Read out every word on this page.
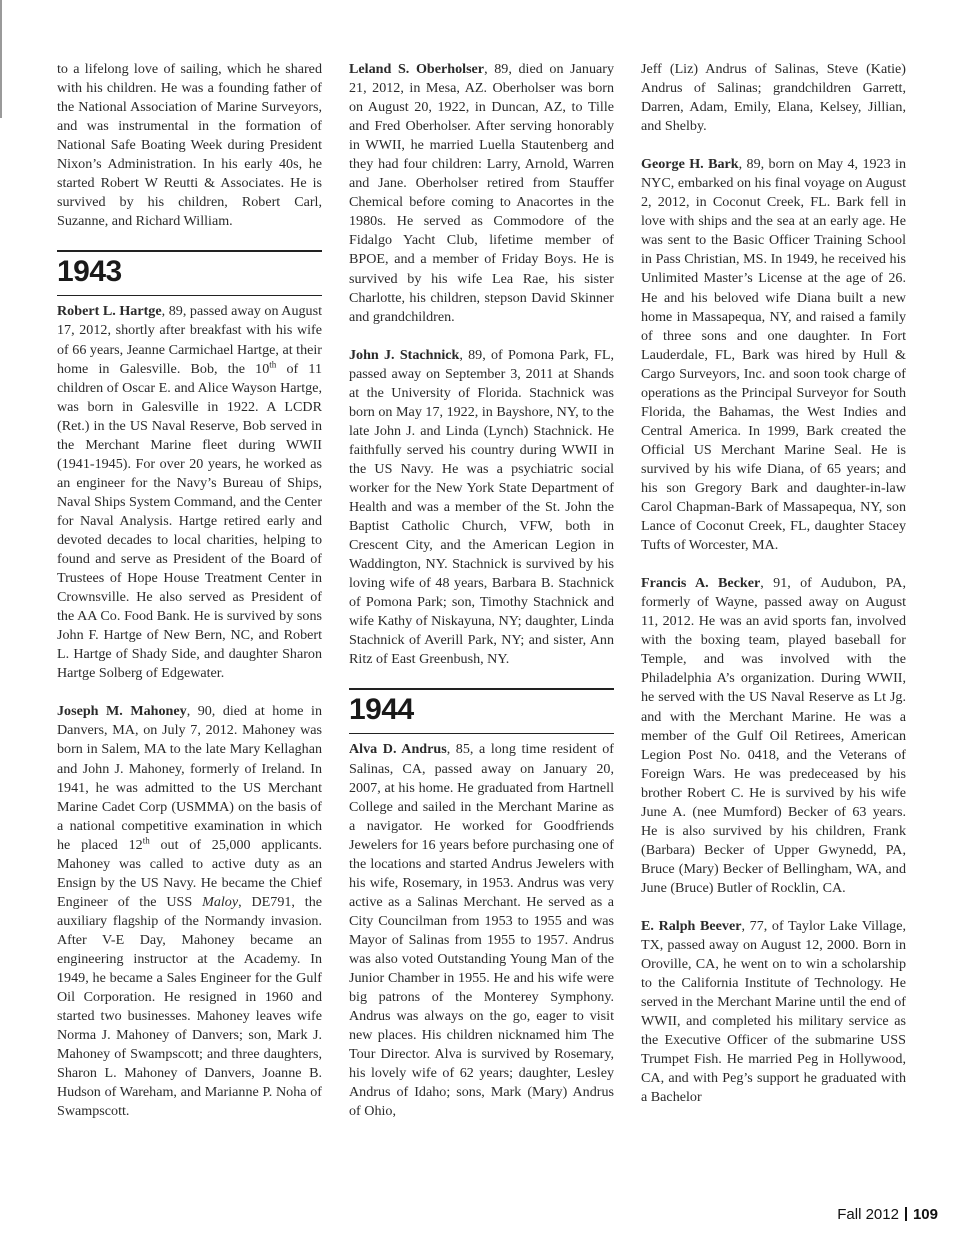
to a lifelong love of sailing, which he shared with his children. He was a founding father of the National Association of Marine Surveyors, and was instrumental in the formation of National Safe Boating Week during President Nixon’s Administration. In his early 40s, he started Robert W Reutti & Associates. He is survived by his children, Robert Carl, Suzanne, and Richard William.

1943

Robert L. Hartge, 89, passed away on August 17, 2012, shortly after breakfast with his wife of 66 years, Jeanne Carmichael Hartge, at their home in Galesville. Bob, the 10th of 11 children of Oscar E. and Alice Wayson Hartge, was born in Galesville in 1922. A LCDR (Ret.) in the US Naval Reserve, Bob served in the Merchant Marine fleet during WWII (1941-1945). For over 20 years, he worked as an engineer for the Navy’s Bureau of Ships, Naval Ships System Command, and the Center for Naval Analysis. Hartge retired early and devoted decades to local charities, helping to found and serve as President of the Board of Trustees of Hope House Treatment Center in Crownsville. He also served as President of the AA Co. Food Bank. He is survived by sons John F. Hartge of New Bern, NC, and Robert L. Hartge of Shady Side, and daughter Sharon Hartge Solberg of Edgewater.

Joseph M. Mahoney, 90, died at home in Danvers, MA, on July 7, 2012. Mahoney was born in Salem, MA to the late Mary Kellaghan and John J. Mahoney, formerly of Ireland. In 1941, he was admitted to the US Merchant Marine Cadet Corp (USMMA) on the basis of a national competitive examination in which he placed 12th out of 25,000 applicants. Mahoney was called to active duty as an Ensign by the US Navy. He became the Chief Engineer of the USS Maloy, DE791, the auxiliary flagship of the Normandy invasion. After V-E Day, Mahoney became an engineering instructor at the Academy. In 1949, he became a Sales Engineer for the Gulf Oil Corporation. He resigned in 1960 and started two businesses. Mahoney leaves wife Norma J. Mahoney of Danvers; son, Mark J. Mahoney of Swampscott; and three daughters, Sharon L. Mahoney of Danvers, Joanne B. Hudson of Wareham, and Marianne P. Noha of Swampscott.

Leland S. Oberholser, 89, died on January 21, 2012, in Mesa, AZ. Oberholser was born on August 20, 1922, in Duncan, AZ, to Tille and Fred Oberholser. After serving honorably in WWII, he married Luella Stautenberg and they had four children: Larry, Arnold, Warren and Jane. Oberholser retired from Stauffer Chemical before coming to Anacortes in the 1980s. He served as Commodore of the Fidalgo Yacht Club, lifetime member of BPOE, and a member of Friday Boys. He is survived by his wife Lea Rae, his sister Charlotte, his children, stepson David Skinner and grandchildren.

John J. Stachnick, 89, of Pomona Park, FL, passed away on September 3, 2011 at Shands at the University of Florida. Stachnick was born on May 17, 1922, in Bayshore, NY, to the late John J. and Linda (Lynch) Stachnick. He faithfully served his country during WWII in the US Navy. He was a psychiatric social worker for the New York State Department of Health and was a member of the St. John the Baptist Catholic Church, VFW, both in Crescent City, and the American Legion in Waddington, NY. Stachnick is survived by his loving wife of 48 years, Barbara B. Stachnick of Pomona Park; son, Timothy Stachnick and wife Kathy of Niskayuna, NY; daughter, Linda Stachnick of Averill Park, NY; and sister, Ann Ritz of East Greenbush, NY.

1944

Alva D. Andrus, 85, a long time resident of Salinas, CA, passed away on January 20, 2007, at his home. He graduated from Hartnell College and sailed in the Merchant Marine as a navigator. He worked for Goodfriends Jewelers for 16 years before purchasing one of the locations and started Andrus Jewelers with his wife, Rosemary, in 1953. Andrus was very active as a Salinas Merchant. He served as a City Councilman from 1953 to 1955 and was Mayor of Salinas from 1955 to 1957. Andrus was also voted Outstanding Young Man of the Junior Chamber in 1955. He and his wife were big patrons of the Monterey Symphony. Andrus was always on the go, eager to visit new places. His children nicknamed him The Tour Director. Alva is survived by Rosemary, his lovely wife of 62 years; daughter, Lesley Andrus of Idaho; sons, Mark (Mary) Andrus of Ohio,

Jeff (Liz) Andrus of Salinas, Steve (Katie) Andrus of Salinas; grandchildren Garrett, Darren, Adam, Emily, Elana, Kelsey, Jillian, and Shelby.

George H. Bark, 89, born on May 4, 1923 in NYC, embarked on his final voyage on August 2, 2012, in Coconut Creek, FL. Bark fell in love with ships and the sea at an early age. He was sent to the Basic Officer Training School in Pass Christian, MS. In 1949, he received his Unlimited Master’s License at the age of 26. He and his beloved wife Diana built a new home in Massapequa, NY, and raised a family of three sons and one daughter. In Fort Lauderdale, FL, Bark was hired by Hull & Cargo Surveyors, Inc. and soon took charge of operations as the Principal Surveyor for South Florida, the Bahamas, the West Indies and Central America. In 1999, Bark created the Official US Merchant Marine Seal. He is survived by his wife Diana, of 65 years; and his son Gregory Bark and daughter-in-law Carol Chapman-Bark of Massapequa, NY, son Lance of Coconut Creek, FL, daughter Stacey Tufts of Worcester, MA.

Francis A. Becker, 91, of Audubon, PA, formerly of Wayne, passed away on August 11, 2012. He was an avid sports fan, involved with the boxing team, played baseball for Temple, and was involved with the Philadelphia A’s organization. During WWII, he served with the US Naval Reserve as Lt Jg. and with the Merchant Marine. He was a member of the Gulf Oil Retirees, American Legion Post No. 0418, and the Veterans of Foreign Wars. He was predeceased by his brother Robert C. He is survived by his wife June A. (nee Mumford) Becker of 63 years. He is also survived by his children, Frank (Barbara) Becker of Upper Gwynedd, PA, Bruce (Mary) Becker of Bellingham, WA, and June (Bruce) Butler of Rocklin, CA.

E. Ralph Beever, 77, of Taylor Lake Village, TX, passed away on August 12, 2000. Born in Oroville, CA, he went on to win a scholarship to the California Institute of Technology. He served in the Merchant Marine until the end of WWII, and completed his military service as the Executive Officer of the submarine USS Trumpet Fish. He married Peg in Hollywood, CA, and with Peg’s support he graduated with a Bachelor

Fall 2012 109
